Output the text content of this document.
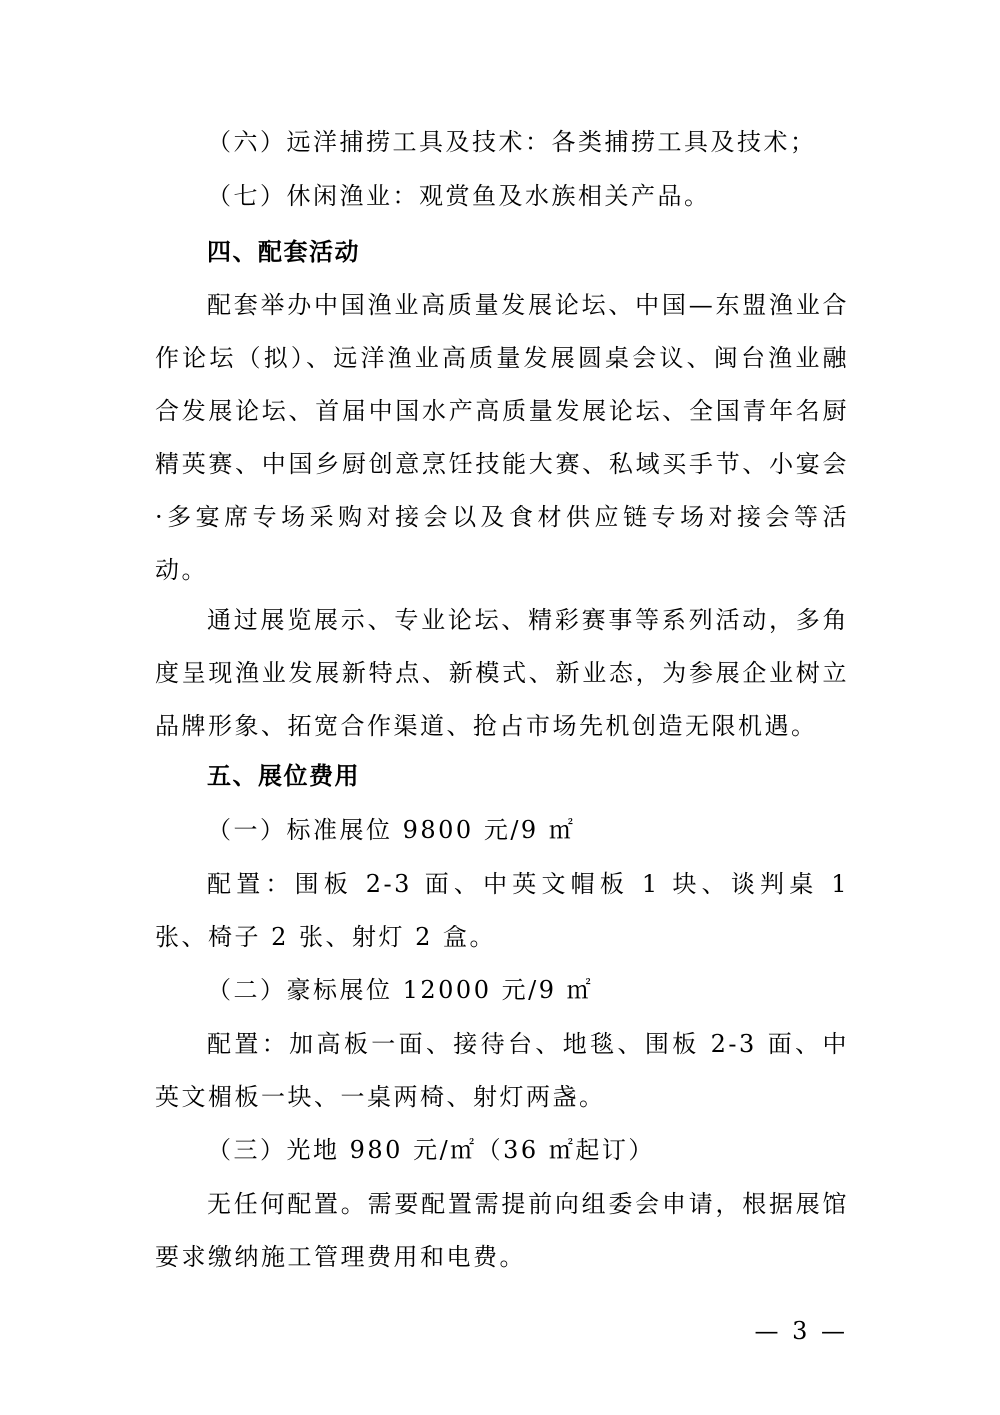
（六）远洋捕捞工具及技术：各类捕捞工具及技术；

（七）休闲渔业：观赏鱼及水族相关产品。

四、配套活动

配套举办中国渔业高质量发展论坛、中国—东盟渔业合作论坛（拟）、远洋渔业高质量发展圆桌会议、闽台渔业融合发展论坛、首届中国水产高质量发展论坛、全国青年名厨精英赛、中国乡厨创意烹饪技能大赛、私域买手节、小宴会·多宴席专场采购对接会以及食材供应链专场对接会等活动。

通过展览展示、专业论坛、精彩赛事等系列活动，多角度呈现渔业发展新特点、新模式、新业态，为参展企业树立品牌形象、拓宽合作渠道、抢占市场先机创造无限机遇。

五、展位费用

（一）标准展位 9800 元/9 ㎡

配置：围板 2-3 面、中英文帽板 1 块、谈判桌 1 张、椅子 2 张、射灯 2 盒。

（二）豪标展位 12000 元/9 ㎡

配置：加高板一面、接待台、地毯、围板 2-3 面、中英文楣板一块、一桌两椅、射灯两盏。

（三）光地 980 元/㎡（36 ㎡起订）

无任何配置。需要配置需提前向组委会申请，根据展馆要求缴纳施工管理费用和电费。

— 3 —
